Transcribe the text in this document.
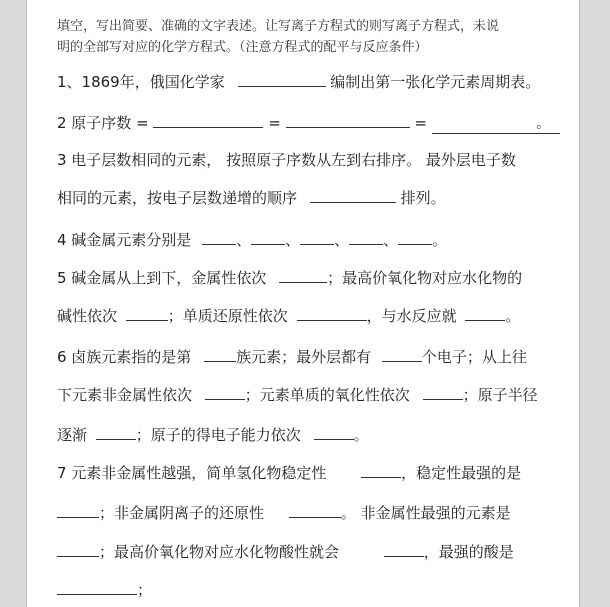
填空，写出简要、准确的文字表述。让写离子方程式的则写离子方程式，未说
明的全部写对应的化学方程式。（注意方程式的配平与反应条件）
1、1869年，俄国化学家	编制出第一张化学元素周期表。
2 原子序数 =	=	=	。
3 电子层数相同的元素， 按照原子序数从左到右排序。 最外层电子数
相同的元素，按电子层数递增的顺序	排列。
4 碱金属元素分别是	、 、 、 、 。
5 碱金属从上到下，金属性依次	；最高价氧化物对应水化物的
碱性依次	；单质还原性依次	，与水反应就	。
6 卤族元素指的是第	族元素；最外层都有	个电子；从上往
下元素非金属性依次	；元素单质的氧化性依次	；原子半径
逐渐	；原子的得电子能力依次	。
7 元素非金属性越强，简单氢化物稳定性	，稳定性最强的是
；非金属阴离子的还原性	。 非金属性最强的元素是
；最高价氧化物对应水化物酸性就会	，最强的酸是
；
